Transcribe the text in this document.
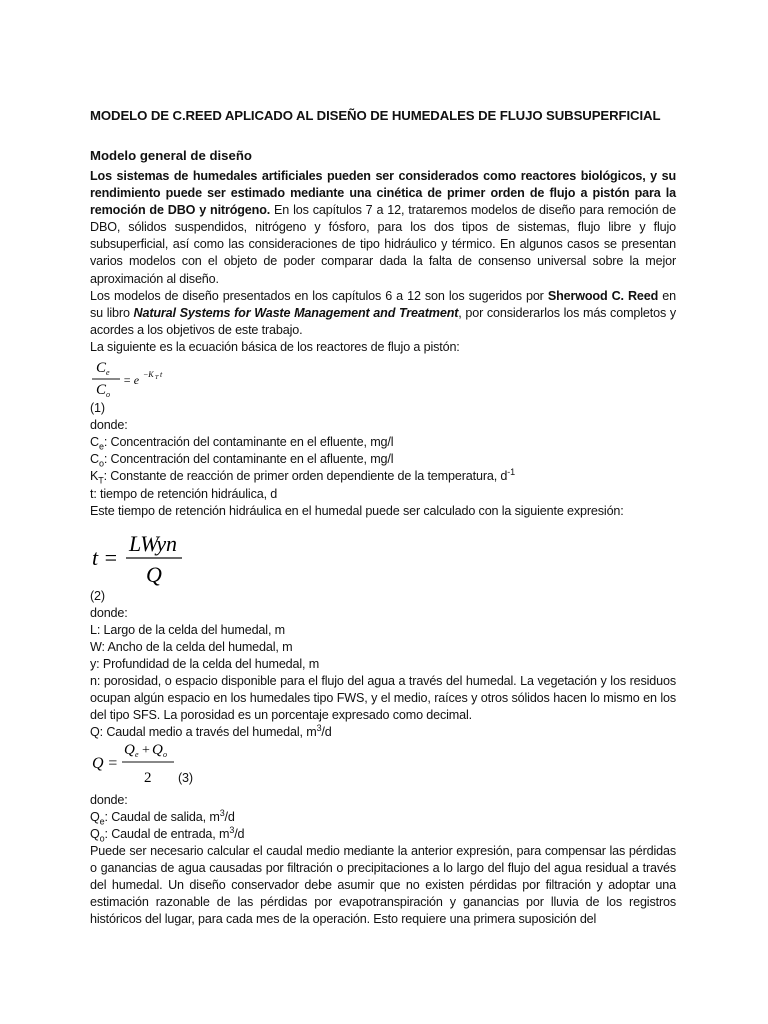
MODELO DE C.REED APLICADO AL DISEÑO DE HUMEDALES DE FLUJO SUBSUPERFICIAL

Modelo general de diseño

Los sistemas de humedales artificiales pueden ser considerados como reactores biológicos, y su rendimiento puede ser estimado mediante una cinética de primer orden de flujo a pistón para la remoción de DBO y nitrógeno. En los capítulos 7 a 12, trataremos modelos de diseño para remoción de DBO, sólidos suspendidos, nitrógeno y fósforo, para los dos tipos de sistemas, flujo libre y flujo subsuperficial, así como las consideraciones de tipo hidráulico y térmico. En algunos casos se presentan varios modelos con el objeto de poder comparar dada la falta de consenso universal sobre la mejor aproximación al diseño.

Los modelos de diseño presentados en los capítulos 6 a 12 son los sugeridos por Sherwood C. Reed en su libro Natural Systems for Waste Management and Treatment, por considerarlos los más completos y acordes a los objetivos de este trabajo.

La siguiente es la ecuación básica de los reactores de flujo a pistón:

C e
C o
= e −K T t

(1)

donde:

$C_e$: Concentración del contaminante en el efluente, mg/l

$C_o$: Concentración del contaminante en el afluente, mg/l

$K_T$: Constante de reacción de primer orden dependiente de la temperatura, $d^{-1}$

t: tiempo de retención hidráulica, d

Este tiempo de retención hidráulica en el humedal puede ser calculado con la siguiente expresión:

t =
LWyn
Q

(2)

donde:

L: Largo de la celda del humedal, m

W: Ancho de la celda del humedal, m

y: Profundidad de la celda del humedal, m

n: porosidad, o espacio disponible para el flujo del agua a través del humedal. La vegetación y los residuos ocupan algún espacio en los humedales tipo FWS, y el medio, raíces y otros sólidos hacen lo mismo en los del tipo SFS. La porosidad es un porcentaje expresado como decimal.

Q: Caudal medio a través del humedal, $m^3/d$

Q =
Q e + Q o
2 (3)

donde:

$Q_e$: Caudal de salida, $m^3/d$

$Q_o$: Caudal de entrada, $m^3/d$

Puede ser necesario calcular el caudal medio mediante la anterior expresión, para compensar las pérdidas o ganancias de agua causadas por filtración o precipitaciones a lo largo del flujo del agua residual a través del humedal. Un diseño conservador debe asumir que no existen pérdidas por filtración y adoptar una estimación razonable de las pérdidas por evapotranspiración y ganancias por lluvia de los registros históricos del lugar, para cada mes de la operación. Esto requiere una primera suposición del
